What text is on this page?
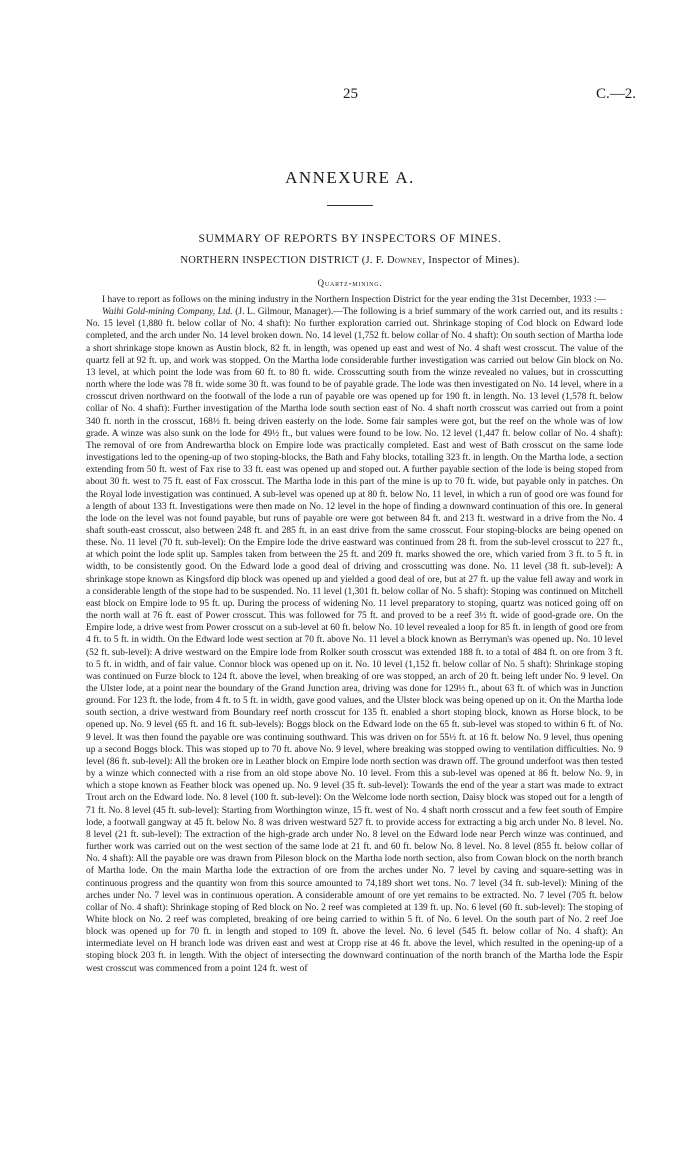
25	C.—2.
ANNEXURE A.
SUMMARY OF REPORTS BY INSPECTORS OF MINES.
NORTHERN INSPECTION DISTRICT (J. F. Downey, Inspector of Mines).
Quartz-mining.

I have to report as follows on the mining industry in the Northern Inspection District for the year ending the 31st December, 1933 :—

Waihi Gold-mining Company, Ltd. (J. L. Gilmour, Manager).—The following is a brief summary of the work carried out, and its results : No. 15 level (1,880 ft. below collar of No. 4 shaft): No further exploration carried out. Shrinkage stoping of Cod block on Edward lode completed, and the arch under No. 14 level broken down. No. 14 level (1,752 ft. below collar of No. 4 shaft): On south section of Martha lode a short shrinkage stope known as Austin block, 82 ft. in length, was opened up east and west of No. 4 shaft west crosscut. The value of the quartz fell at 92 ft. up, and work was stopped. On the Martha lode considerable further investigation was carried out below Gin block on No. 13 level, at which point the lode was from 60 ft. to 80 ft. wide. Crosscutting south from the winze revealed no values, but in crosscutting north where the lode was 78 ft. wide some 30 ft. was found to be of payable grade. The lode was then investigated on No. 14 level, where in a crosscut driven northward on the footwall of the lode a run of payable ore was opened up for 190 ft. in length. No. 13 level (1,578 ft. below collar of No. 4 shaft): Further investigation of the Martha lode south section east of No. 4 shaft north crosscut was carried out from a point 340 ft. north in the crosscut, 168½ ft. being driven easterly on the lode. Some fair samples were got, but the reef on the whole was of low grade. A winze was also sunk on the lode for 49½ ft., but values were found to be low. No. 12 level (1,447 ft. below collar of No. 4 shaft): The removal of ore from Andrewartha block on Empire lode was practically completed. East and west of Bath crosscut on the same lode investigations led to the opening-up of two stoping-blocks, the Bath and Fahy blocks, totalling 323 ft. in length. On the Martha lode, a section extending from 50 ft. west of Fax rise to 33 ft. east was opened up and stoped out. A further payable section of the lode is being stoped from about 30 ft. west to 75 ft. east of Fax crosscut. The Martha lode in this part of the mine is up to 70 ft. wide, but payable only in patches. On the Royal lode investigation was continued. A sub-level was opened up at 80 ft. below No. 11 level, in which a run of good ore was found for a length of about 133 ft. Investigations were then made on No. 12 level in the hope of finding a downward continuation of this ore. In general the lode on the level was not found payable, but runs of payable ore were got between 84 ft. and 213 ft. westward in a drive from the No. 4 shaft south-east crosscut, also between 248 ft. and 285 ft. in an east drive from the same crosscut. Four stoping-blocks are being opened on these. No. 11 level (70 ft. sub-level): On the Empire lode the drive eastward was continued from 28 ft. from the sub-level crosscut to 227 ft., at which point the lode split up. Samples taken from between the 25 ft. and 209 ft. marks showed the ore, which varied from 3 ft. to 5 ft. in width, to be consistently good. On the Edward lode a good deal of driving and crosscutting was done. No. 11 level (38 ft. sub-level): A shrinkage stope known as Kingsford dip block was opened up and yielded a good deal of ore, but at 27 ft. up the value fell away and work in a considerable length of the stope had to be suspended. No. 11 level (1,301 ft. below collar of No. 5 shaft): Stoping was continued on Mitchell east block on Empire lode to 95 ft. up. During the process of widening No. 11 level preparatory to stoping, quartz was noticed going off on the north wall at 76 ft. east of Power crosscut. This was followed for 75 ft. and proved to be a reef 3½ ft. wide of good-grade ore. On the Empire lode, a drive west from Power crosscut on a sub-level at 60 ft. below No. 10 level revealed a loop for 85 ft. in length of good ore from 4 ft. to 5 ft. in width. On the Edward lode west section at 70 ft. above No. 11 level a block known as Berryman's was opened up. No. 10 level (52 ft. sub-level): A drive westward on the Empire lode from Rolker south crosscut was extended 188 ft. to a total of 484 ft. on ore from 3 ft. to 5 ft. in width, and of fair value. Connor block was opened up on it. No. 10 level (1,152 ft. below collar of No. 5 shaft): Shrinkage stoping was continued on Furze block to 124 ft. above the level, when breaking of ore was stopped, an arch of 20 ft. being left under No. 9 level. On the Ulster lode, at a point near the boundary of the Grand Junction area, driving was done for 129½ ft., about 63 ft. of which was in Junction ground. For 123 ft. the lode, from 4 ft. to 5 ft. in width, gave good values, and the Ulster block was being opened up on it. On the Martha lode south section, a drive westward from Boundary reef north crosscut for 135 ft. enabled a short stoping block, known as Horse block, to be opened up. No. 9 level (65 ft. and 16 ft. sub-levels): Boggs block on the Edward lode on the 65 ft. sub-level was stoped to within 6 ft. of No. 9 level. It was then found the payable ore was continuing southward. This was driven on for 55½ ft. at 16 ft. below No. 9 level, thus opening up a second Boggs block. This was stoped up to 70 ft. above No. 9 level, where breaking was stopped owing to ventilation difficulties. No. 9 level (86 ft. sub-level): All the broken ore in Leather block on Empire lode north section was drawn off. The ground underfoot was then tested by a winze which connected with a rise from an old stope above No. 10 level. From this a sub-level was opened at 86 ft. below No. 9, in which a stope known as Feather block was opened up. No. 9 level (35 ft. sub-level): Towards the end of the year a start was made to extract Trout arch on the Edward lode. No. 8 level (100 ft. sub-level): On the Welcome lode north section, Daisy block was stoped out for a length of 71 ft. No. 8 level (45 ft. sub-level): Starting from Worthington winze, 15 ft. west of No. 4 shaft north crosscut and a few feet south of Empire lode, a footwall gangway at 45 ft. below No. 8 was driven westward 527 ft. to provide access for extracting a big arch under No. 8 level. No. 8 level (21 ft. sub-level): The extraction of the high-grade arch under No. 8 level on the Edward lode near Perch winze was continued, and further work was carried out on the west section of the same lode at 21 ft. and 60 ft. below No. 8 level. No. 8 level (855 ft. below collar of No. 4 shaft): All the payable ore was drawn from Pileson block on the Martha lode north section, also from Cowan block on the north branch of Martha lode. On the main Martha lode the extraction of ore from the arches under No. 7 level by caving and square-setting was in continuous progress and the quantity won from this source amounted to 74,189 short wet tons. No. 7 level (34 ft. sub-level): Mining of the arches under No. 7 level was in continuous operation. A considerable amount of ore yet remains to be extracted. No. 7 level (705 ft. below collar of No. 4 shaft): Shrinkage stoping of Red block on No. 2 reef was completed at 139 ft. up. No. 6 level (60 ft. sub-level): The stoping of White block on No. 2 reef was completed, breaking of ore being carried to within 5 ft. of No. 6 level. On the south part of No. 2 reef Joe block was opened up for 70 ft. in length and stoped to 109 ft. above the level. No. 6 level (545 ft. below collar of No. 4 shaft): An intermediate level on H branch lode was driven east and west at Cropp rise at 46 ft. above the level, which resulted in the opening-up of a stoping block 203 ft. in length. With the object of intersecting the downward continuation of the north branch of the Martha lode the Espir west crosscut was commenced from a point 124 ft. west of
